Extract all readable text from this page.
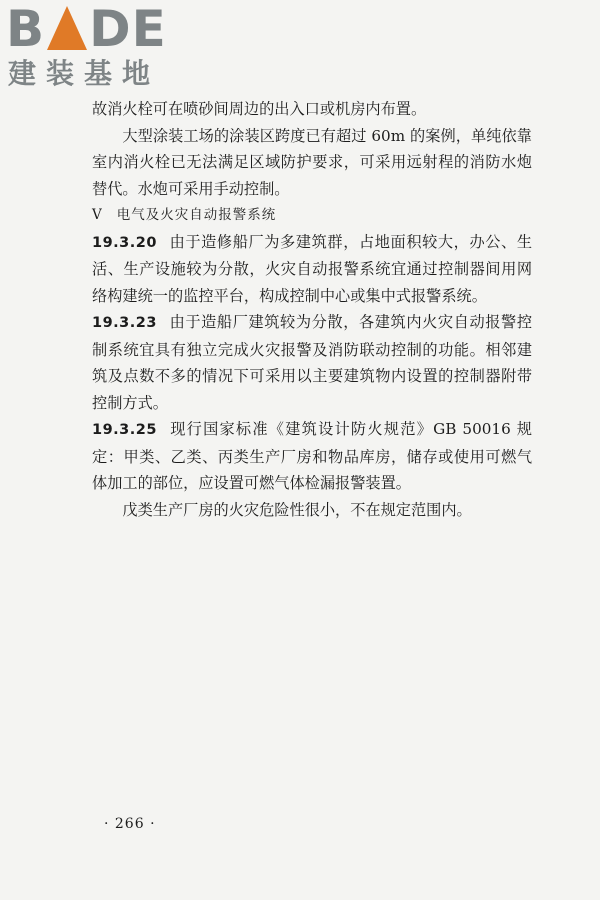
B DE
建装基地

故消火栓可在喷砂间周边的出入口或机房内布置。

大型涂装工场的涂装区跨度已有超过 60m 的案例，单纯依靠室内消火栓已无法满足区域防护要求，可采用远射程的消防水炮替代。水炮可采用手动控制。

V 电气及火灾自动报警系统

19.3.20 由于造修船厂为多建筑群，占地面积较大，办公、生活、生产设施较为分散，火灾自动报警系统宜通过控制器间用网络构建统一的监控平台，构成控制中心或集中式报警系统。

19.3.23 由于造船厂建筑较为分散，各建筑内火灾自动报警控制系统宜具有独立完成火灾报警及消防联动控制的功能。相邻建筑及点数不多的情况下可采用以主要建筑物内设置的控制器附带控制方式。

19.3.25 现行国家标准《建筑设计防火规范》GB 50016 规定：甲类、乙类、丙类生产厂房和物品库房，储存或使用可燃气体加工的部位，应设置可燃气体检漏报警装置。

戊类生产厂房的火灾危险性很小，不在规定范围内。

· 266 ·
